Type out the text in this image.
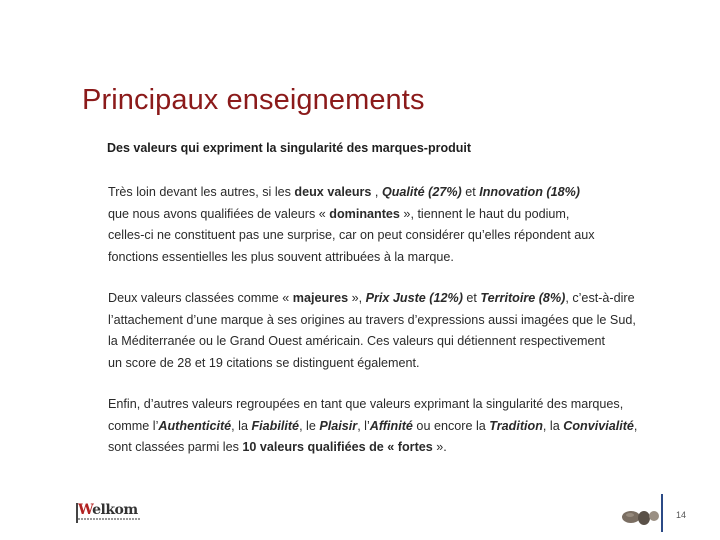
Principaux enseignements
Des valeurs qui expriment la singularité des marques-produit

Très loin devant les autres, si les deux valeurs , Qualité (27%) et Innovation (18%)
que nous avons qualifiées de valeurs « dominantes », tiennent le haut du podium,
celles-ci ne constituent pas une surprise, car on peut considérer qu’elles répondent aux
fonctions essentielles les plus souvent attribuées à la marque.

Deux valeurs classées comme « majeures », Prix Juste (12%) et Territoire (8%), c’est-à-dire
l’attachement d’une marque à ses origines au travers d’expressions aussi imagées que le Sud,
la Méditerranée ou le Grand Ouest américain. Ces valeurs qui détiennent respectivement
un score de 28 et 19 citations se distinguent également.

Enfin, d’autres valeurs regroupées en tant que valeurs exprimant la singularité des marques,
comme l’Authenticité, la Fiabilité, le Plaisir, l’Affinité ou encore la Tradition, la Convivialité,
sont classées parmi les 10 valeurs qualifiées de « fortes ».

Welkom	14
